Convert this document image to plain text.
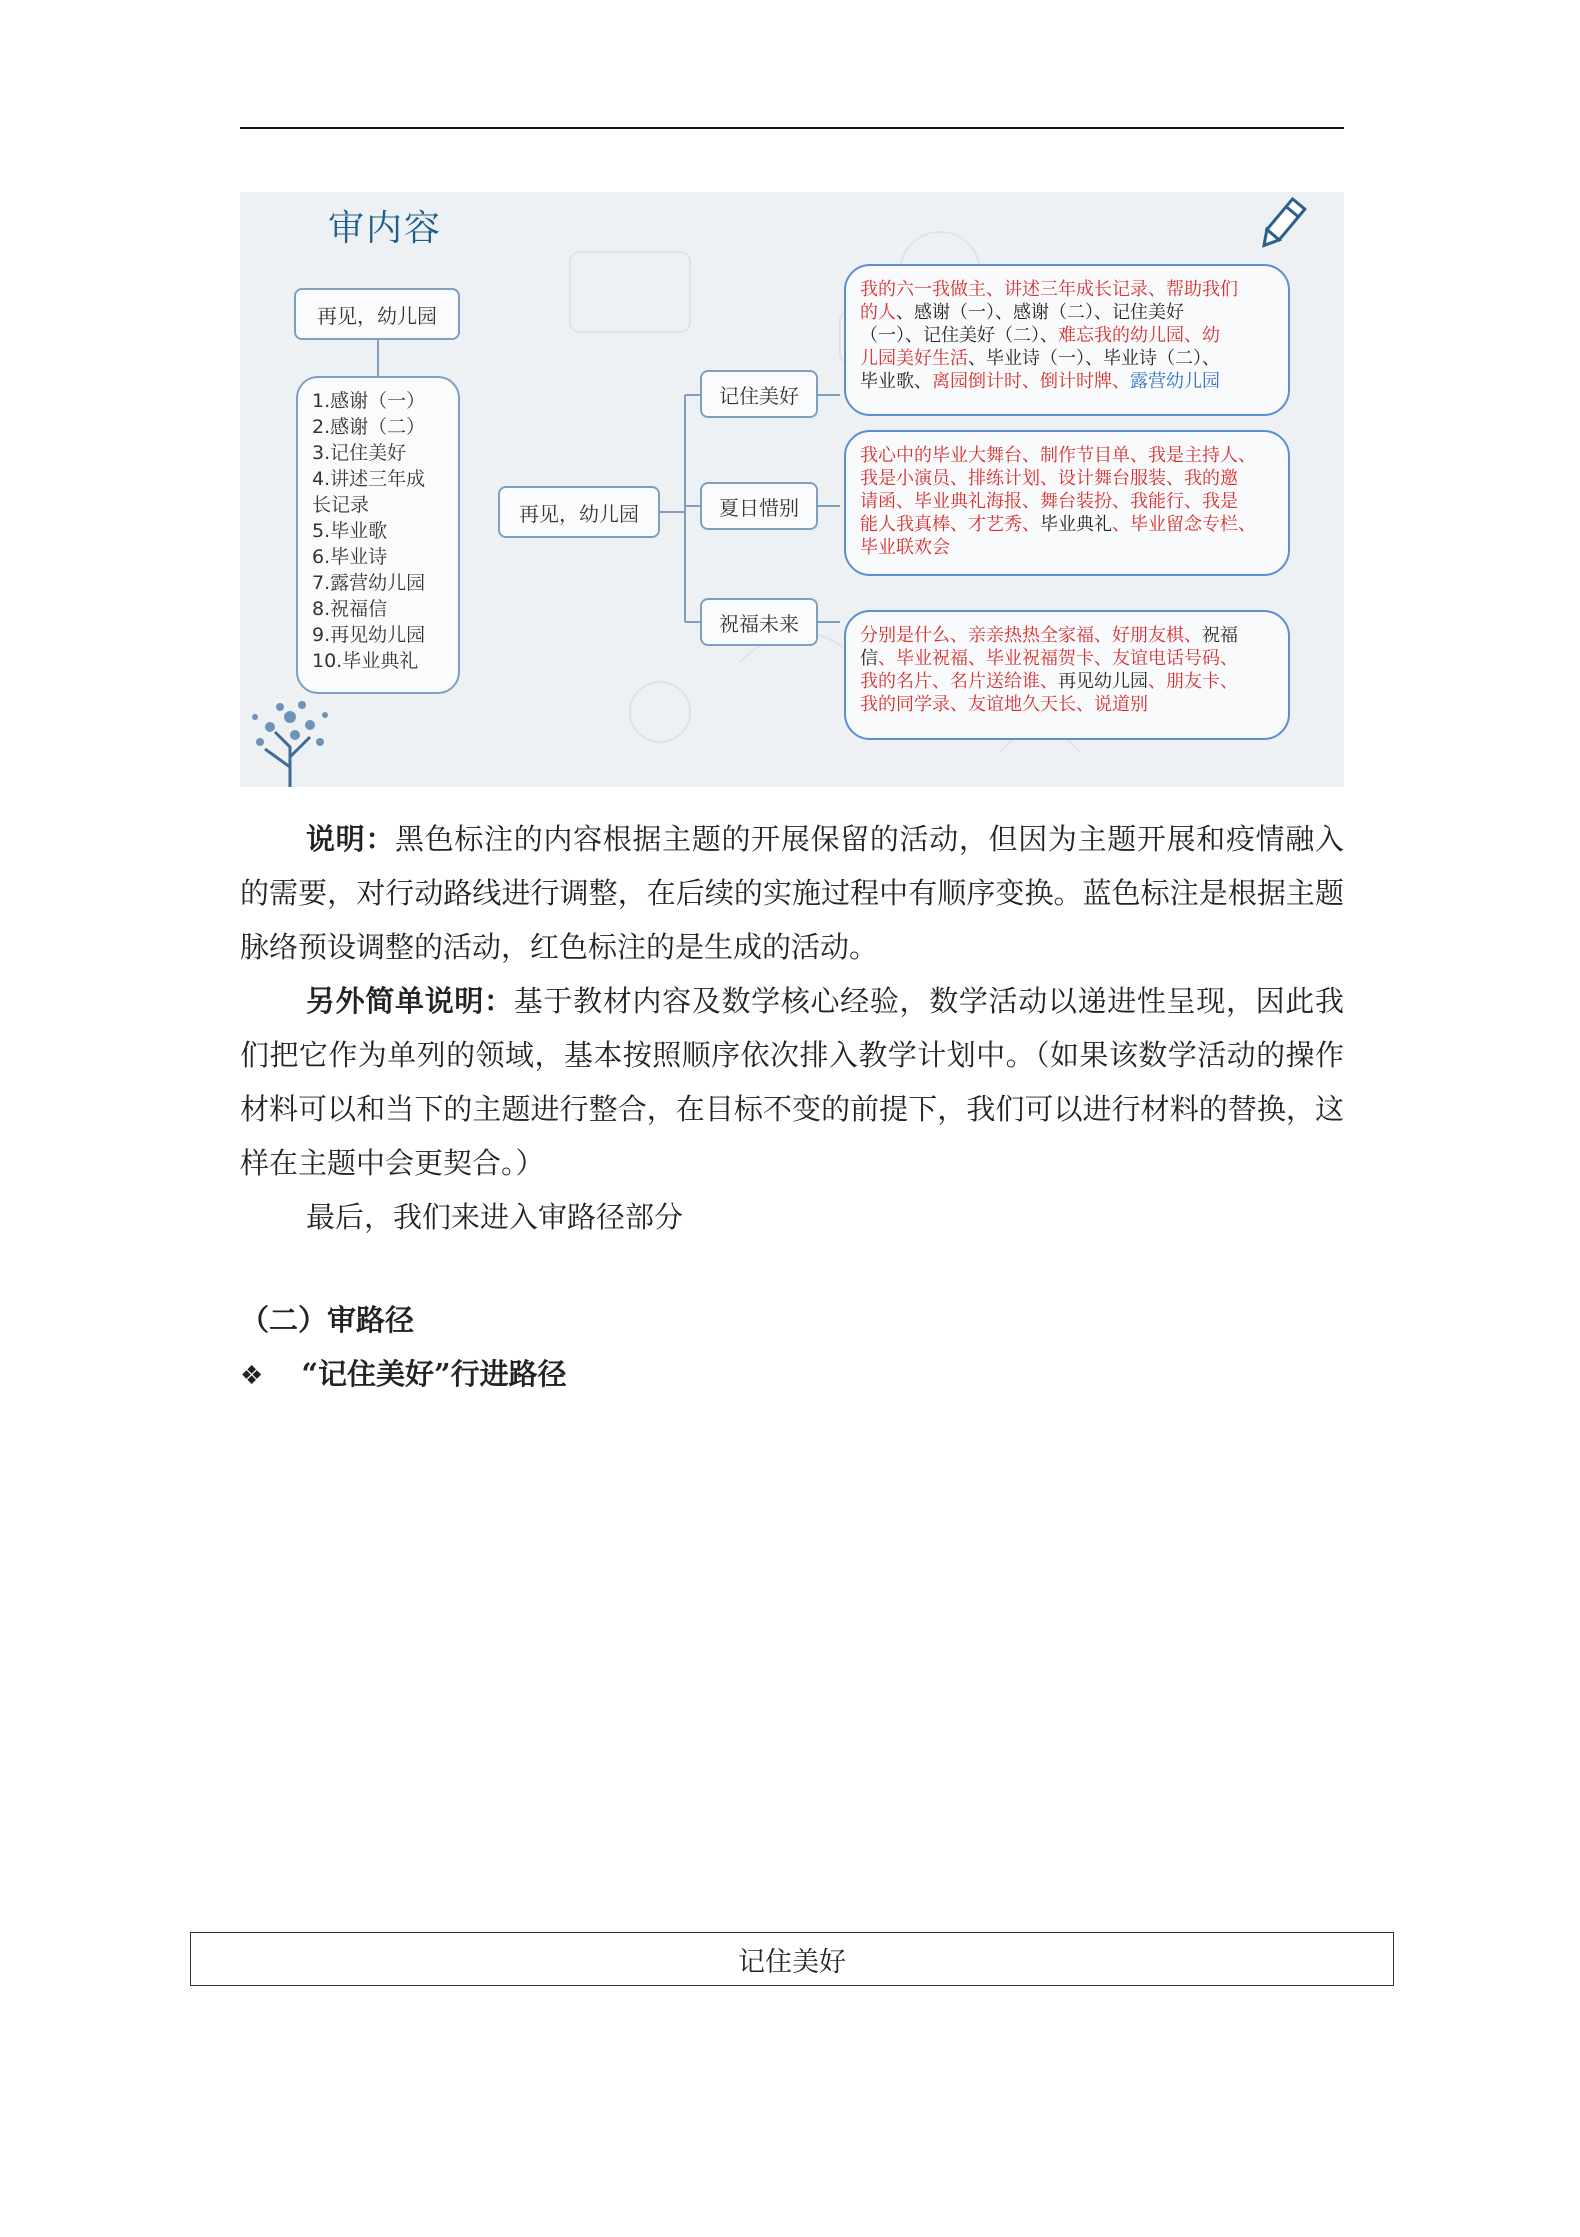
审内容
再见，幼儿园
1.感谢（一）
2.感谢（二）
3.记住美好
4.讲述三年成
长记录
5.毕业歌
6.毕业诗
7.露营幼儿园
8.祝福信
9.再见幼儿园
10.毕业典礼
再见，幼儿园
记住美好
夏日惜别
祝福未来
我的六一我做主、讲述三年成长记录、帮助我们
的人、感谢（一）、感谢（二）、记住美好
（一）、记住美好（二）、难忘我的幼儿园、幼
儿园美好生活、毕业诗（一）、毕业诗（二）、
毕业歌、离园倒计时、倒计时牌、露营幼儿园
我心中的毕业大舞台、制作节目单、我是主持人、
我是小演员、排练计划、设计舞台服装、我的邀
请函、毕业典礼海报、舞台装扮、我能行、我是
能人我真棒、才艺秀、毕业典礼、毕业留念专栏、
毕业联欢会
分别是什么、亲亲热热全家福、好朋友棋、祝福
信、毕业祝福、毕业祝福贺卡、友谊电话号码、
我的名片、名片送给谁、再见幼儿园、朋友卡、
我的同学录、友谊地久天长、说道别

说明：黑色标注的内容根据主题的开展保留的活动，但因为主题开展和疫情融入的需要，对行动路线进行调整，在后续的实施过程中有顺序变换。蓝色标注是根据主题脉络预设调整的活动，红色标注的是生成的活动。

另外简单说明：基于教材内容及数学核心经验，数学活动以递进性呈现，因此我们把它作为单列的领域，基本按照顺序依次排入教学计划中。（如果该数学活动的操作材料可以和当下的主题进行整合，在目标不变的前提下，我们可以进行材料的替换，这样在主题中会更契合。）

最后，我们来进入审路径部分

（二）审路径
❖ “记住美好”行进路径
记住美好
